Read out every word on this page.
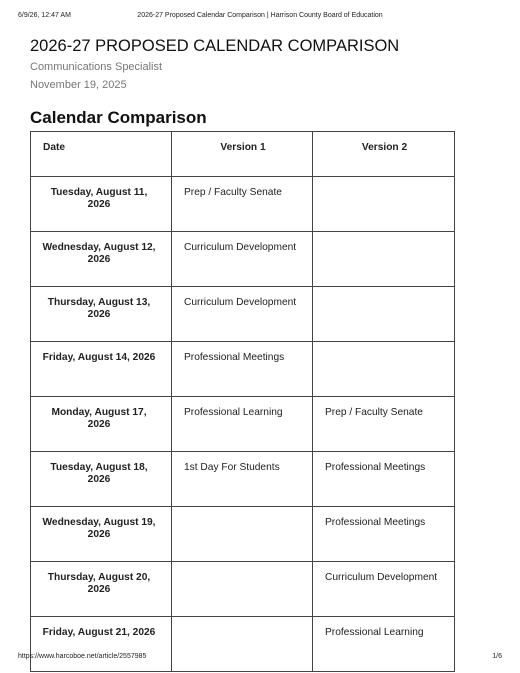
6/9/26, 12:47 AM	2026-27 Proposed Calendar Comparison | Harrison County Board of Education
2026-27 PROPOSED CALENDAR COMPARISON
Communications Specialist
November 19, 2025
Calendar Comparison
Date	Version 1	Version 2
Tuesday, August 11, 2026	Prep / Faculty Senate	
Wednesday, August 12, 2026	Curriculum Development	
Thursday, August 13, 2026	Curriculum Development	
Friday, August 14, 2026	Professional Meetings	
Monday, August 17, 2026	Professional Learning	Prep / Faculty Senate
Tuesday, August 18, 2026	1st Day For Students	Professional Meetings
Wednesday, August 19, 2026		Professional Meetings
Thursday, August 20, 2026		Curriculum Development
Friday, August 21, 2026		Professional Learning
https://www.harcoboe.net/article/2557985	1/6
